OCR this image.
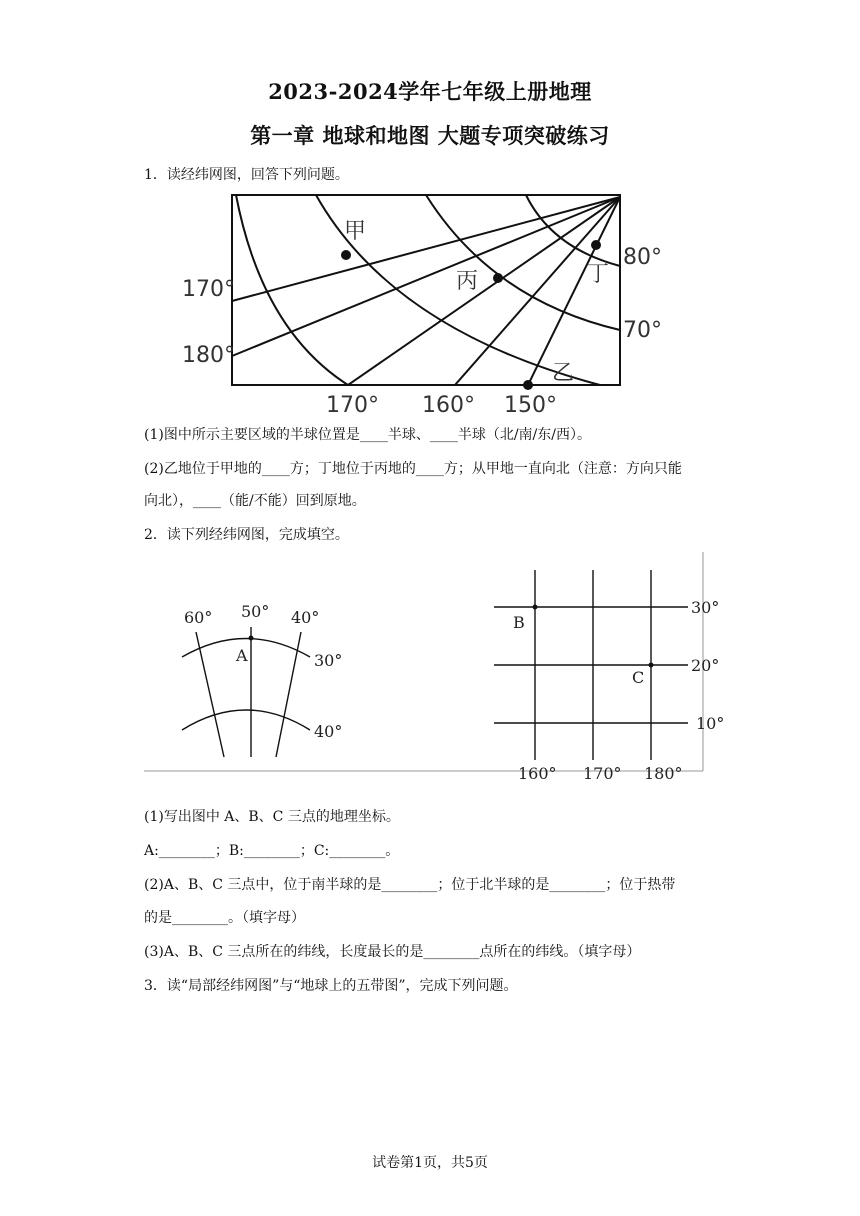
2023-2024学年七年级上册地理
第一章 地球和地图 大题专项突破练习
1．读经纬网图，回答下列问题。
170°
180°
170° 160° 150°
80°
70°
甲
丙	丁
乙
(1)图中所示主要区域的半球位置是____半球、____半球（北/南/东/西）。
(2)乙地位于甲地的____方；丁地位于丙地的____方；从甲地一直向北（注意：方向只能
向北），____（能/不能）回到原地。
2．读下列经纬网图，完成填空。
60° 50° 40°
30°
40°
A
30°
20°
10°
160° 170° 180°
B
C
(1)写出图中 A、B、C 三点的地理坐标。
A:________；B:________；C:________。
(2)A、B、C 三点中，位于南半球的是________；位于北半球的是________；位于热带
的是________。（填字母）
(3)A、B、C 三点所在的纬线，长度最长的是________点所在的纬线。（填字母）
3．读“局部经纬网图”与“地球上的五带图”，完成下列问题。
试卷第1页，共5页
